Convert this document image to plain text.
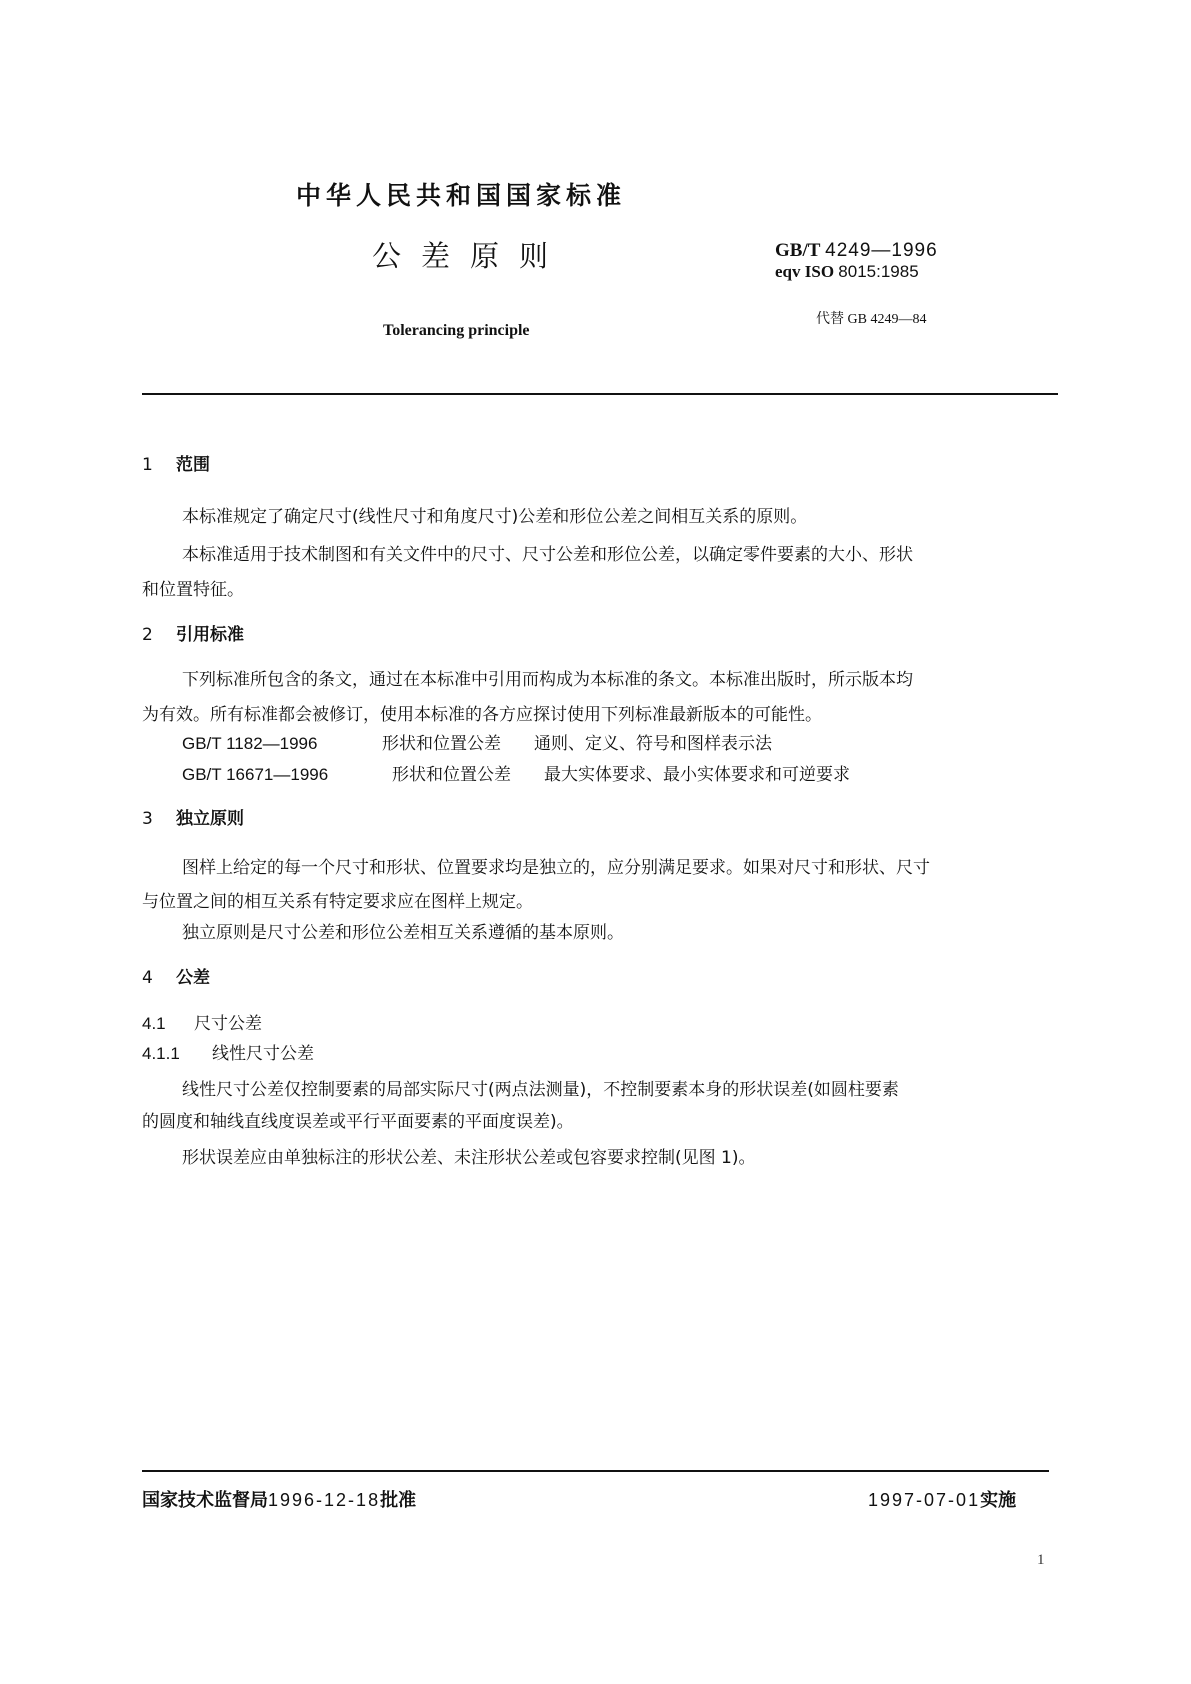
中华人民共和国国家标准
公差原则
Tolerancing principle
GB/T 4249—1996
eqv ISO 8015:1985
代替 GB 4249—84
1 范围
本标准规定了确定尺寸(线性尺寸和角度尺寸)公差和形位公差之间相互关系的原则。
本标准适用于技术制图和有关文件中的尺寸、尺寸公差和形位公差，以确定零件要素的大小、形状
和位置特征。
2 引用标准
下列标准所包含的条文，通过在本标准中引用而构成为本标准的条文。本标准出版时，所示版本均
为有效。所有标准都会被修订，使用本标准的各方应探讨使用下列标准最新版本的可能性。
GB/T 1182—1996	形状和位置公差 通则、定义、符号和图样表示法
GB/T 16671—1996	形状和位置公差 最大实体要求、最小实体要求和可逆要求
3 独立原则
图样上给定的每一个尺寸和形状、位置要求均是独立的，应分别满足要求。如果对尺寸和形状、尺寸
与位置之间的相互关系有特定要求应在图样上规定。
独立原则是尺寸公差和形位公差相互关系遵循的基本原则。
4 公差
4.1 尺寸公差
4.1.1 线性尺寸公差
线性尺寸公差仅控制要素的局部实际尺寸(两点法测量)，不控制要素本身的形状误差(如圆柱要素
的圆度和轴线直线度误差或平行平面要素的平面度误差)。
形状误差应由单独标注的形状公差、未注形状公差或包容要求控制(见图 1)。
国家技术监督局1996-12-18批准	1997-07-01实施
1
